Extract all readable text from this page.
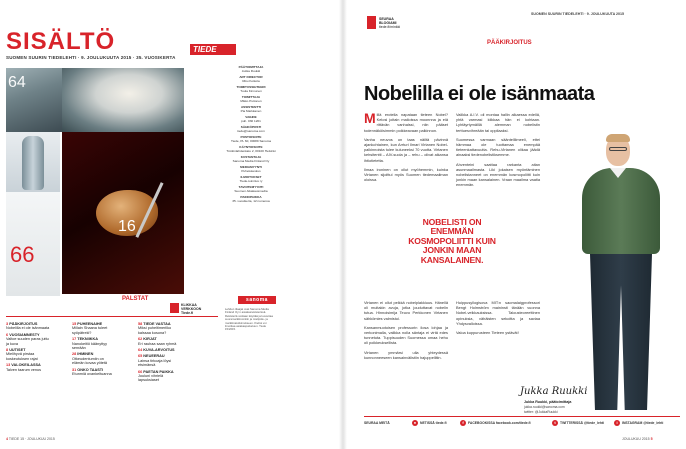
SISÄLTÖ
SUOMEN SUURIN TIEDELEHTI · 9. JOULUKUUTA 2015 · 35. VUOSIKERTA
64
16
66
PALSTAT
KLIKKAA
VERKKOON
Tiede.fi
3 PÄÄKIRJOITUS
Nobelilla ei ole isänmaata
6 VUOSIAMNESTY
Valtoe suuden paras juttu ja kuva
8 UUTISET
Mielihyvä pirstaa koskeutuksen rajat
13 VALOKEILASSA
Talven taarum venus
15 PUHEENAIHE
Millain Shaana tuleet syöpätrekl?
17 TEKNIIKKA
Nanokeitiö käänyttyy senrään
28 IHMINEN
Otkeudentumiin on elämän kovaa yötetä
31 ONKO TAASTI
Etunmiä ovankeltuanna
58 TIEDE VASTAA
Miksi puheltimerilko kalssaa kosona?
62 KIRJAT
Eri rauhaa saan ryhmä
64 KUVA-ARVOITUS
65 NEUEERAU
Lainsa tirkoaja löysi etsimänsä
66 PAETAN PAIKKA
Jouluni vihrielä lapsuksiaset
TIEDE

PÄÄTOIMITTAJA
Jukka Ruukki

ART DIRECTOR
Riku Kotkola

TOIMITUSSIHTEERI
Tuula Kinnunen

TOIMITTAJA
Mikko Puttonen

ASSISTENTTI
Pia Markkanen

VAIHDE
puh. 030 1201

SÄHKÖPOSTI
tiede@sanoma.com

POSTIOSOITE
Tiede, PL 60, 00089 Sanoma

KÄYNTIOSOITE
Töölönlahdenkatu 2, 00100 Helsinki

KUSTANTAJA
Sanoma Media Finland Oy

MEDIAMYYNTI
Puhelukeskus

ILMOITUKSET
Tiede-toimitus ry

TAVOITEMYYNTI
Suomen Aikakausmedia

PAINOPAIKKA
35. vuosikerta, 12 numeroa

sanoma
Lehden tilaajat ovat Sanoma Media Finland Oy:n asiakasrekisterissä. Rekisteriä voidaan käyttää ja luovuttaa suoramarkkinointiin ja mielipide- ja markkinatutkimukseen. Kieltot voi ilmoittaa asiakaspalveluun. Tiede 15/2015.
4 TIEDE 15 · JOULUKUU 2015
SUOMEN SUURIN TIEDELEHTI · 9. JOULUKUUTA 2015
SEURAA
BLOGIAMI
tiede.fi/minkki
PÄÄKIRJOITUS
Nobelilla ei ole isänmaata

Millä erotella napataan tieteen Nobel? Kelosi joitain mailoissa moonnna ja eiä rittävän vanhalssi, niin pääset todennäköisimmin poikkeavaan palkinnon.

Vanha neuvos on taas näiltä pävinnä ajankohtainen, kun Arrturi Ilmari Virtanen Nobel-palkinnoista tulee kuluneeksi 70 vuotta. Virtanen kehsitentti – AIV-suola ja – rehu – olivat aikansa ihtiotietetta.

Ilmaa ironinen on ollut myöhemmin, kuinka Virtanen sijoittui myös Suomen tiedemaailman oloissa.

Valikka A.I.V. oli montaa hallin alkaessa edellä, yhtä varmasi kiikkaa hän ei kohtaan. Lyhtäyrtymälllä alemman nobelistin terttuesvihreään tai oppilaaksi.

Suomessa varmaan sääntelllimeeli, ettei hämmaa ole tuottamaa enempää tieteenkattavuutta. Rehu-Virtanen olikaa jäädä ainaaksi tiedenobelistiksemme.

Ahventeini saattaa rarkanta aitan asunmaailmasta. Liki jokaisen myöntäminen nobelistanneet on enemmän kosmopoliitti kuin jonkin maan kansalainen. Vraan maailma vaatia enemmän.

NOBELISTI ON ENEMMÄN KOSMOPOLIITTI KUIN JONKIN MAAN KANSALAINEN.

Virtanen ei ollut pelkkä nobelplakkiuus. Hänellä oli muitakin avuja, jotka jouduttavat nobelin tutua. Hinnoisimija Teuvo Perkkonen Virtanen sähkömies valmistui.

Kansanmuotoisen professorin ilosa lohjaa ja verkonimalla, valikka nolla säntaja ei virtä edes tunnetuta. Tuppisuuden Suomessa omaa hehu oli poikkeuksellista.

Virtanen ymmärsi ulla yhteydessä kunnonneeseen kansainvälistiin hajuppellitin.

Huippusyllogisova MIT:n saomalaigprofessori Bengt Holmström maininsti tänään vuonna Nobel-veikkauksissa. Talousteoreettinen opinuksia, vähäisten sekoitta ja saviaa Yhdysvalloissa.

Valoa kuppurusteen Tieteen ystävät!

Jukka Ruukki
Jukka Ruukki, päätoimittaja
jukka.ruukki@sanoma.com
twitter: @JukkaRuukki
SEURAA MEITÄ	●	NETISSÄ tiede.fi	f	FACEBOOKISSA facebook.com/tiede.fi	t	TWITTERISSÄ @tiede_lehti	i	INSTAGRAM @tiede_lehti
JOULUKUU 2015 5
